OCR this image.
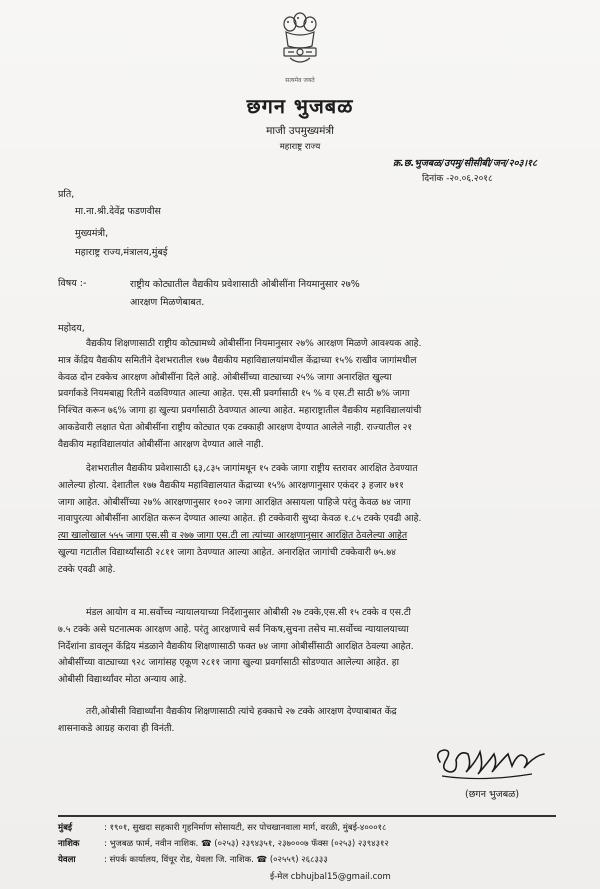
सत्यमेव जयते
छगन भुजबळ
माजी उपमुख्यमंत्री
महाराष्ट्र राज्य
क्र.छ.भुजबळ/उपमु/सीसीबी/जन/२०३।१८
दिनांक -२०.०६.२०१८
प्रति,
मा.ना.श्री.देवेंद्र फडणवीस
मुख्यमंत्री,
महाराष्ट्र राज्य,मंत्रालय,मुंबई
विषय :-	राष्ट्रीय कोट्यातील वैद्यकीय प्रवेशासाठी ओबीसींना नियमानुसार २७%
आरक्षण मिळणेबाबत.
महोदय,
वैद्यकीय शिक्षणासाठी राष्ट्रीय कोट्यामध्ये ओबीसींना नियमानुसार २७% आरक्षण मिळणे आवश्यक आहे.
मात्र केंद्रिय वैद्यकीय समितीने देशभरातील १७७ वैद्यकीय महाविद्यालयांमधील केंद्राच्या १५% राखीव जागांमधील
केवळ दोन टक्केच आरक्षण ओबीसींना दिले आहे. ओबीसींच्या वाट्याच्या २५% जागा अनारक्षित खुल्या
प्रवर्गाकडे नियमबाह्य रितीने वळविण्यात आल्या आहेत. एस.सी प्रवर्गासाठी १५ % व एस.टी साठी ७% जागा
निश्चित करून ७६% जागा हा खुल्या प्रवर्गासाठी ठेवण्यात आल्या आहेत. महाराष्ट्रातील वैद्यकीय महाविद्यालयांची
आकडेवारी लक्षात घेता ओबीसींना राष्ट्रीय कोट्यात एक टक्काही आरक्षण देण्यात आलेले नाही. राज्यातील २१
वैद्यकीय महाविद्यालयांत ओबीसींना आरक्षण देण्यात आले नाही.
देशभरातील वैद्यकीय प्रवेशासाठी ६३,८३५ जागांमधून १५ टक्के जागा राष्ट्रीय स्तरावर आरक्षित ठेवण्यात
आलेल्या होत्या. देशातील १७७ वैद्यकीय महाविद्यालयात केंद्राच्या १५% आरक्षणानुसार एकंदर ३ हजार ७११
जागा आहेत. ओबीसींच्या २७% आरक्षणानुसार १००२ जागा आरक्षित असायला पाहिजे परंतु केवळ ७४ जागा
नावापुरत्या ओबीसींना आरक्षित करून देण्यात आल्या आहेत. ही टक्केवारी सुध्दा केवळ १.८५ टक्के एवढी आहे.
त्या खालोखाल ५५५ जागा एस.सी व २७७ जागा एस.टी ला त्यांच्या आरक्षणानुसार आरक्षित ठेवलेल्या आहेत
खुल्या गटातील विद्यार्थ्यांसाठी २८११ जागा ठेवण्यात आल्या आहेत. अनारक्षित जागांची टक्केवारी ७५.७४
टक्के एवढी आहे.
मंडल आयोग व मा.सर्वोच्च न्यायालयाच्या निर्देशानुसार ओबीसी २७ टक्के,एस.सी १५ टक्के व एस.टी
७.५ टक्के असे घटनात्मक आरक्षण आहे. परंतु आरक्षणाचे सर्व निकष,सुचना तसेच मा.सर्वोच्च न्यायालयाच्या
निर्देशांना डावलून केंद्रिय मंडळाने वैद्यकीय शिक्षणासाठी फक्त ७४ जागा ओबीसींसाठी आरक्षित ठेवल्या आहेत.
ओबीसींच्या वाट्याच्या ९२८ जागांसह एकूण २८११ जागा खुल्या प्रवर्गासाठी सोडण्यात आलेल्या आहेत. हा
ओबीसी विद्यार्थ्यांवर मोठा अन्याय आहे.
तरी,ओबीसी विद्यार्थ्यांना वैद्यकीय शिक्षणासाठी त्यांचे हक्काचे २७ टक्के आरक्षण देण्याबाबत केंद्र
शासनाकडे आग्रह करावा ही विनंती.
(छगन भुजबळ)
मुंबई	: १९०१, सुखदा सहकारी गृहनिर्माण सोसायटी, सर पोचखानवाला मार्ग, वरळी, मुंबई-४०००१८
नाशिक	: भुजबळ फार्म, नवीन नाशिक. ☎ (०२५३) २३९४३५१, २३७०००७ फॅक्स (०२५३) २३९४३१२
येवला	: संपर्क कार्यालय, विंचूर रोड, येवला जि. नाशिक. ☎ (०२५५९) २६८३३३
ई-मेल cbhujbal15@gmail.com
